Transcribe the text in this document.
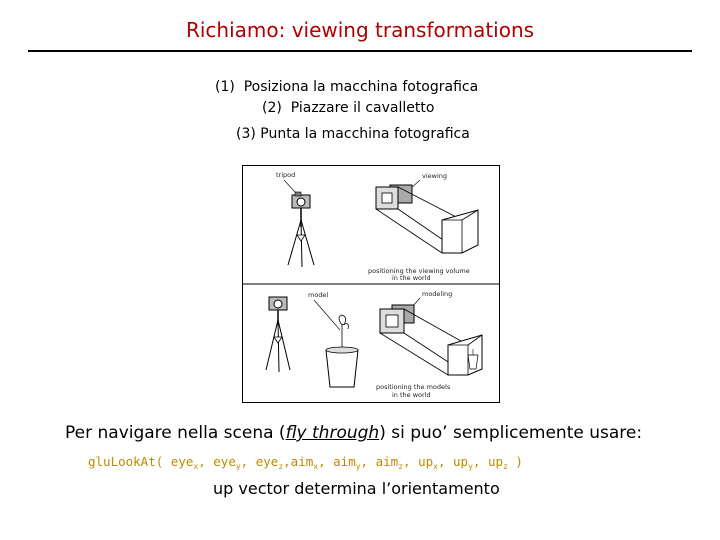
Richiamo: viewing transformations
(1)  Posiziona la macchina fotografica
(2)  Piazzare il cavalletto
(3) Punta la macchina fotografica
tripod	viewing
positioning the viewing volume
in the world
model	modeling
positioning the models
in the world
Per navigare nella scena (fly through) si puo’ semplicemente usare:
gluLookAt( eye$_x$, eye$_y$, eye$_z$,aim$_x$, aim$_y$, aim$_z$, $up_x$, $up_y$, $up_z$ )
up vector determina l’orientamento
